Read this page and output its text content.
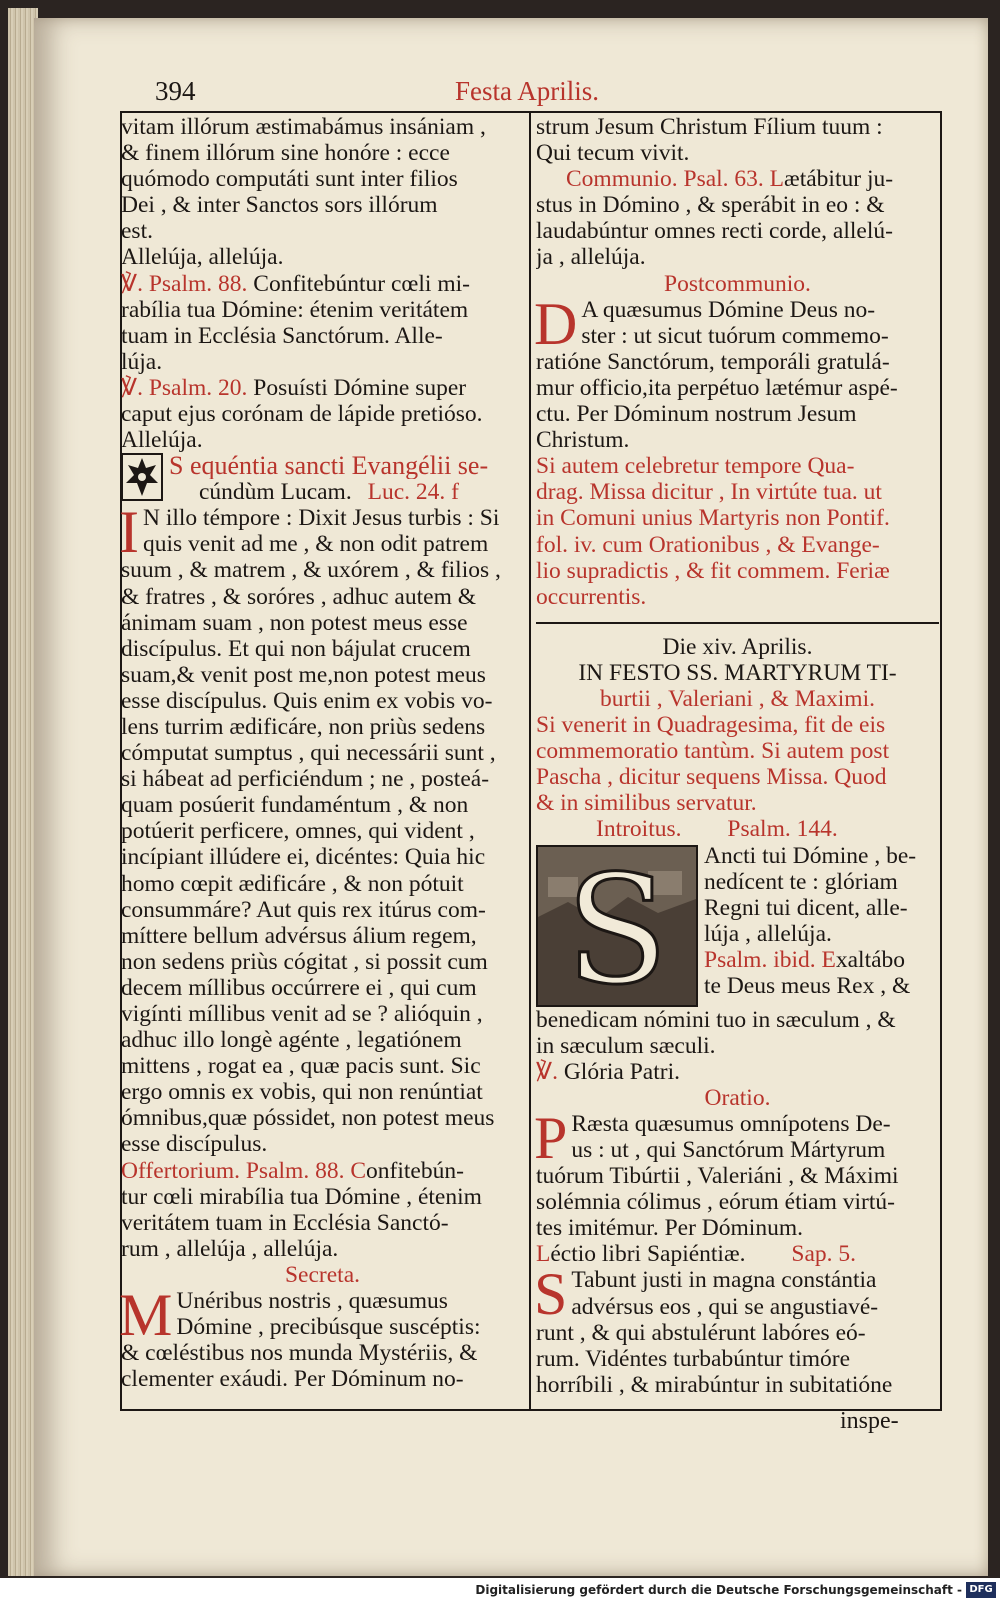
394	Festa Aprilis.
vitam illórum æstimabámus insániam ,
& finem illórum sine honóre : ecce
quómodo computáti sunt inter filios
Dei , & inter Sanctos sors illórum
est.
Allelúja, allelúja.
℣. Psalm. 88. Confitebúntur cœli mi-
rabília tua Dómine: étenim veritátem
tuam in Ecclésia Sanctórum. Alle-
lúja.
℣. Psalm. 20. Posuísti Dómine super
caput ejus corónam de lápide pretióso.
Allelúja.
S equéntia sancti Evangélii se-
cúndùm Lucam. Luc. 24. f
I N illo témpore : Dixit Jesus turbis : Si
quis venit ad me , & non odit patrem
suum , & matrem , & uxórem , & filios ,
& fratres , & soróres , adhuc autem &
ánimam suam , non potest meus esse
discípulus. Et qui non bájulat crucem
suam,& venit post me,non potest meus
esse discípulus. Quis enim ex vobis vo-
lens turrim ædificáre, non priùs sedens
cómputat sumptus , qui necessárii sunt ,
si hábeat ad perficiéndum ; ne , posteá-
quam posúerit fundaméntum , & non
potúerit perficere, omnes, qui vident ,
incípiant illúdere ei, dicéntes: Quia hic
homo cœpit ædificáre , & non pótuit
consummáre? Aut quis rex itúrus com-
míttere bellum advérsus álium regem,
non sedens priùs cógitat , si possit cum
decem míllibus occúrrere ei , qui cum
vigínti míllibus venit ad se ? alióquin ,
adhuc illo longè agénte , legatiónem
mittens , rogat ea , quæ pacis sunt. Sic
ergo omnis ex vobis, qui non renúntiat
ómnibus,quæ póssidet, non potest meus
esse discípulus.
Offertorium. Psalm. 88. Confitebún-
tur cœli mirabília tua Dómine , étenim
veritátem tuam in Ecclésia Sanctó-
rum , allelúja , allelúja.
Secreta.
M Unéribus nostris , quæsumus
Dómine , precibúsque suscéptis:
& cœléstibus nos munda Mystériis, &
clementer exáudi. Per Dóminum no-
strum Jesum Christum Fílium tuum :
Qui tecum vivit.
Communio. Psal. 63. Lætábitur ju-
stus in Dómino , & sperábit in eo : &
laudabúntur omnes recti corde, allelú-
ja , allelúja.
Postcommunio.
D A quæsumus Dómine Deus no-
ster : ut sicut tuórum commemo-
ratióne Sanctórum, temporáli gratulá-
mur officio,ita perpétuo lætémur aspé-
ctu. Per Dóminum nostrum Jesum
Christum.
Si autem celebretur tempore Qua-
drag. Missa dicitur , In virtúte tua. ut
in Comuni unius Martyris non Pontif.
fol. iv. cum Orationibus , & Evange-
lio supradictis , & fit commem. Feriæ
occurrentis.
Die xiv. Aprilis.
IN FESTO SS. MARTYRUM TI-
burtii , Valeriani , & Maximi.
Si venerit in Quadragesima, fit de eis
commemoratio tantùm. Si autem post
Pascha , dicitur sequens Missa. Quod
& in similibus servatur.
Introitus. Psalm. 144.
S Ancti tui Dómine , be-
nedícent te : glóriam
Regni tui dicent, alle-
lúja , allelúja.
Psalm. ibid. Exaltábo
te Deus meus Rex , &
benedicam nómini tuo in sæculum , &
in sæculum sæculi.
℣. Glória Patri.
Oratio.
P Ræsta quæsumus omnípotens De-
us : ut , qui Sanctórum Mártyrum
tuórum Tibúrtii , Valeriáni , & Máximi
solémnia cólimus , eórum étiam virtú-
tes imitémur. Per Dóminum.
Léctio libri Sapiéntiæ. Sap. 5.
S Tabunt justi in magna constántia
advérsus eos , qui se angustiavé-
runt , & qui abstulérunt labóres eó-
rum. Vidéntes turbabúntur timóre
horríbili , & mirabúntur in subitatióne
inspe-
Digitalisierung gefördert durch die Deutsche Forschungsgemeinschaft - DFG
